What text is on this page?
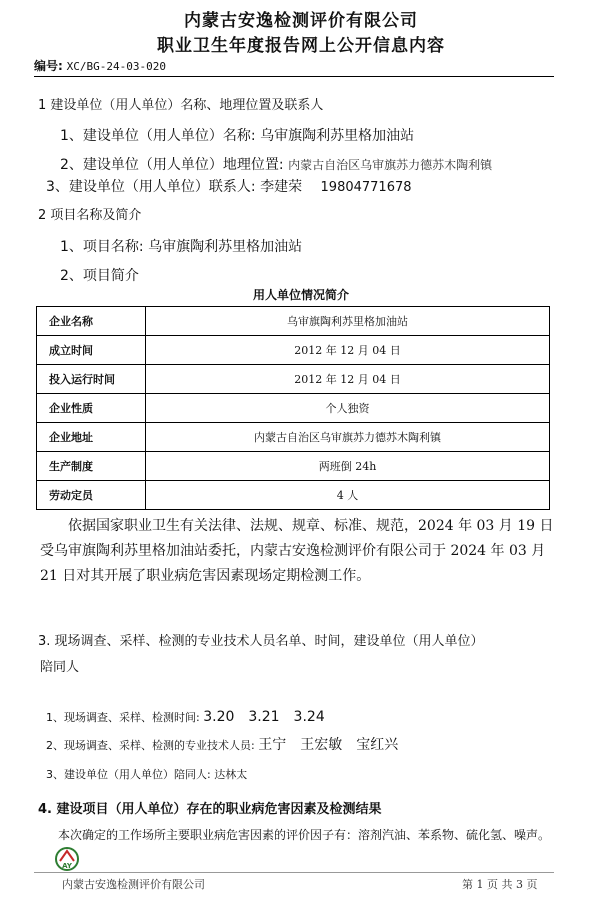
内蒙古安逸检测评价有限公司
职业卫生年度报告网上公开信息内容
编号: XC/BG-24-03-020
1 建设单位（用人单位）名称、地理位置及联系人
1、建设单位（用人单位）名称: 乌审旗陶利苏里格加油站
2、建设单位（用人单位）地理位置: 内蒙古自治区乌审旗苏力德苏木陶利镇
3、建设单位（用人单位）联系人: 李建荣 19804771678
2 项目名称及简介
1、项目名称: 乌审旗陶利苏里格加油站
2、项目简介
用人单位情况简介
企业名称	乌审旗陶利苏里格加油站
成立时间	2012 年 12 月 04 日
投入运行时间	2012 年 12 月 04 日
企业性质	个人独资
企业地址	内蒙古自治区乌审旗苏力德苏木陶利镇
生产制度	两班倒 24h
劳动定员	4 人
依据国家职业卫生有关法律、法规、规章、标准、规范，2024 年 03 月 19 日受乌审旗陶利苏里格加油站委托，内蒙古安逸检测评价有限公司于 2024 年 03 月 21 日对其开展了职业病危害因素现场定期检测工作。
3. 现场调查、采样、检测的专业技术人员名单、时间，建设单位（用人单位）
陪同人
1、现场调查、采样、检测时间: 3.20　3.21　3.24
2、现场调查、采样、检测的专业技术人员: 王宁　王宏敏　宝红兴
3、建设单位（用人单位）陪同人: 达林太
4. 建设项目（用人单位）存在的职业病危害因素及检测结果
本次确定的工作场所主要职业病危害因素的评价因子有：溶剂汽油、苯系物、硫化氢、噪声。
AY
内蒙古安逸检测评价有限公司	第 1 页 共 3 页
